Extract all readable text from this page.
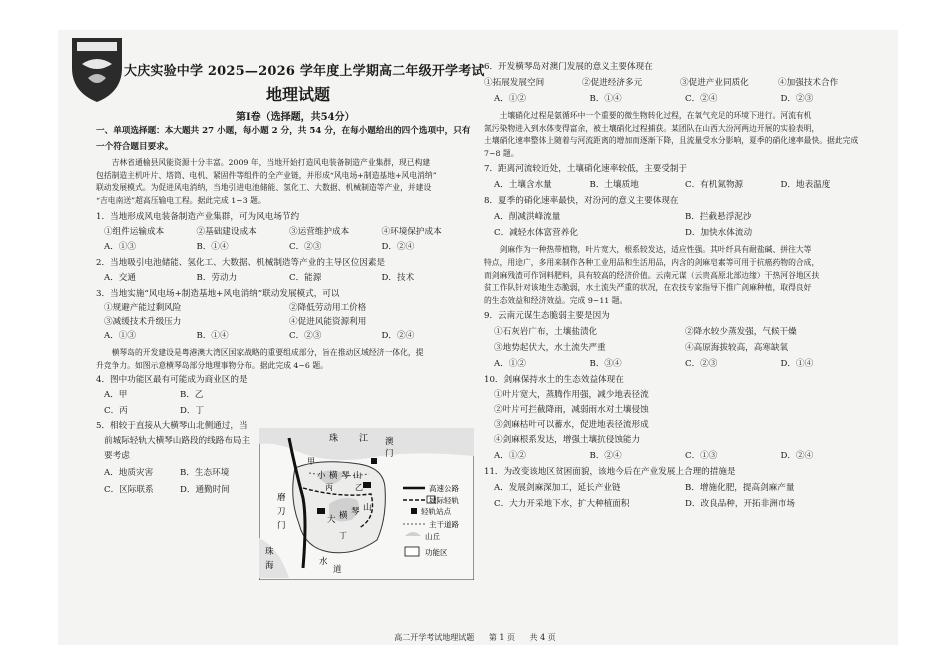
大庆实验中学 2025—2026 学年度上学期高二年级开学考试
地理试题
第Ⅰ卷（选择题，共54分）

一、单项选择题：本大题共 27 小题，每小题 2 分，共 54 分，在每小题给出的四个选项中，只有

一个符合题目要求。

吉林省通榆县风能资源十分丰富。2009 年，当地开始打造风电装备制造产业集群，现已构建

包括制造主机叶片、塔筒、电机、紧固件等组件的全产业链，并形成“风电场+制造基地+风电消纳”

联动发展模式。为促进风电消纳，当地引进电池储能、氢化工、大数据、机械制造等产业，并建设

“吉电南送”超高压输电工程。据此完成 1~3 题。

1．当地形成风电装备制造产业集群，可为风电场节约

①组件运输成本	②基础建设成本	③运营维护成本	④环境保护成本
A．①③	B．①④	C．②③	D．②④

2．当地吸引电池储能、氢化工、大数据、机械制造等产业的主导区位因素是

A．交通	B．劳动力	C．能源	D．技术

3．当地实施“风电场+制造基地+风电消纳”联动发展模式，可以

①规避产能过剩风险	②降低劳动用工价格
③减缓技术升级压力	④促进风能资源利用
A．①③	B．①④	C．②③	D．②④

横琴岛的开发建设是粤港澳大湾区国家战略的重要组成部分，旨在推动区域经济一体化，提

升竞争力。如图示意横琴岛部分地理事物分布。据此完成 4~6 题。

4．图中功能区最有可能成为商业区的是

A．甲	B．乙
C．丙	D．丁

5．相较于直接从大横琴山北侧通过，当

前城际轻轨大横琴山路段的线路布局主

要考虑

A．地质灾害	B．生态环境
C．区际联系	D．通勤时间
珠 江
小 横 琴 山
大 横 琴 山
磨
刀
门
甲
乙
丙
丁
水
道
珠
海
澳
门
高速公路
城际轻轨
轻轨站点
主干道路
山丘
功能区

6．开发横琴岛对澳门发展的意义主要体现在

①拓展发展空间	②促进经济多元	③促进产业同质化	④加强技术合作
A．①②	B．①④	C．②④	D．②③

土壤硝化过程是氨循环中一个重要的微生物转化过程，在氧气充足的环境下进行。河流有机

氮污染物进入到水体变得富余，被土壤硝化过程捕获。某团队在山西大汾河两边开展的实验表明，

土壤硝化速率整体上随着与河流距离的增加而逐渐下降，且流量受水分影响，夏季的硝化速率最快。据此完成 7~8 题。

7．距离河流较近处，土壤硝化速率较低，主要受制于

A．土壤含水量	B．土壤质地	C．有机氮物源	D．地表温度

8．夏季的硝化速率最快，对汾河的意义主要体现在

A．削减洪峰流量	B．拦截悬浮泥沙
C．减轻水体富营养化	D．加快水体流动

剑麻作为一种热带植物，叶片宽大，根系较发达，适应性强。其叶纤具有耐盐碱、拼往大等

特点，用途广，多用来制作各种工业用品和生活用品，内含的剑麻皂素等可用于抗癌药物的合成，

而剑麻残渣可作饲料肥料，具有较高的经济价值。云南元谋（云贵高原北部边缘）干热河谷地区扶

贫工作队针对该地生态脆弱，水土流失严重的状况，在农技专家指导下推广剑麻种植，取得良好

的生态效益和经济效益。完成 9~11 题。

9．云南元谋生态脆弱主要是因为

①石灰岩广布，土壤盐渍化	②降水较少蒸发强，气候干燥
③地势起伏大，水土流失严重	④高原海拔较高，高寒缺氧
A．①②	B．③④	C．②③	D．①④

10．剑麻保持水土的生态效益体现在

①叶片宽大，蒸腾作用强，减少地表径流

②叶片可拦截降雨，减弱雨水对土壤侵蚀

③剑麻枯叶可以蓄水，促进地表径流形成

④剑麻根系发达，增强土壤抗侵蚀能力

A．①②	B．②④	C．①③	D．②④

11．为改变该地区贫困面貌，该地今后在产业发展上合理的措施是

A．发展剑麻深加工，延长产业链	B．增施化肥，提高剑麻产量
C．大力开采地下水，扩大种植面积	D．改良品种，开拓非洲市场
高二开学考试地理试题 第 1 页 共 4 页
